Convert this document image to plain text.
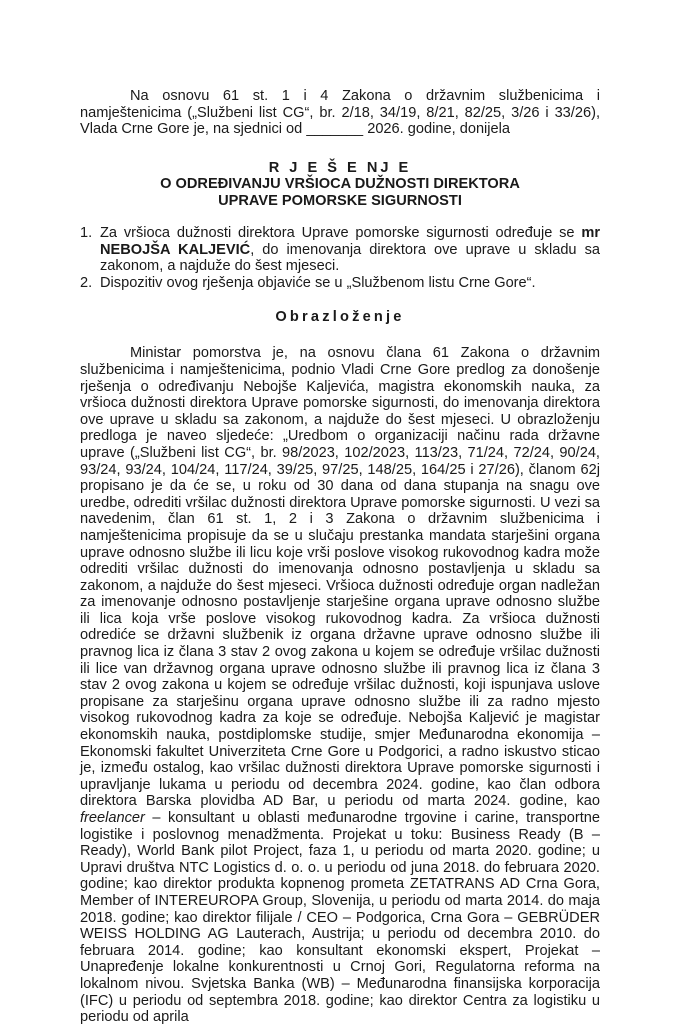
Na osnovu 61 st. 1 i 4 Zakona o državnim službenicima i namještenicima („Službeni list CG“, br. 2/18, 34/19, 8/21, 82/25, 3/26 i 33/26), Vlada Crne Gore je, na sjednici od _______ 2026. godine, donijela

R J E Š E NJ E

O ODREĐIVANJU VRŠIOCA DUŽNOSTI DIREKTORA

UPRAVE POMORSKE SIGURNOSTI

1. Za vršioca dužnosti direktora Uprave pomorske sigurnosti određuje se mr NEBOJŠA KALJEVIĆ, do imenovanja direktora ove uprave u skladu sa zakonom, a najduže do šest mjeseci.
2. Dispozitiv ovog rješenja objaviće se u „Službenom listu Crne Gore“.

Obrazloženje

Ministar pomorstva je, na osnovu člana 61 Zakona o državnim službenicima i namještenicima, podnio Vladi Crne Gore predlog za donošenje rješenja o određivanju Nebojše Kaljevića, magistra ekonomskih nauka, za vršioca dužnosti direktora Uprave pomorske sigurnosti, do imenovanja direktora ove uprave u skladu sa zakonom, a najduže do šest mjeseci. U obrazloženju predloga je naveo sljedeće: „Uredbom o organizaciji načinu rada državne uprave („Službeni list CG“, br. 98/2023, 102/2023, 113/23, 71/24, 72/24, 90/24, 93/24, 93/24, 104/24, 117/24, 39/25, 97/25, 148/25, 164/25 i 27/26), članom 62j propisano je da će se, u roku od 30 dana od dana stupanja na snagu ove uredbe, odrediti vršilac dužnosti direktora Uprave pomorske sigurnosti. U vezi sa navedenim, član 61 st. 1, 2 i 3 Zakona o državnim službenicima i namještenicima propisuje da se u slučaju prestanka mandata starješini organa uprave odnosno službe ili licu koje vrši poslove visokog rukovodnog kadra može odrediti vršilac dužnosti do imenovanja odnosno postavljenja u skladu sa zakonom, a najduže do šest mjeseci. Vršioca dužnosti određuje organ nadležan za imenovanje odnosno postavljenje starješine organa uprave odnosno službe ili lica koja vrše poslove visokog rukovodnog kadra. Za vršioca dužnosti odrediće se državni službenik iz organa državne uprave odnosno službe ili pravnog lica iz člana 3 stav 2 ovog zakona u kojem se određuje vršilac dužnosti ili lice van državnog organa uprave odnosno službe ili pravnog lica iz člana 3 stav 2 ovog zakona u kojem se određuje vršilac dužnosti, koji ispunjava uslove propisane za starješinu organa uprave odnosno službe ili za radno mjesto visokog rukovodnog kadra za koje se određuje. Nebojša Kaljević je magistar ekonomskih nauka, postdiplomske studije, smjer Međunarodna ekonomija – Ekonomski fakultet Univerziteta Crne Gore u Podgorici, a radno iskustvo sticao je, između ostalog, kao vršilac dužnosti direktora Uprave pomorske sigurnosti i upravljanje lukama u periodu od decembra 2024. godine, kao član odbora direktora Barska plovidba AD Bar, u periodu od marta 2024. godine, kao freelancer – konsultant u oblasti međunarodne trgovine i carine, transportne logistike i poslovnog menadžmenta. Projekat u toku: Business Ready (B – Ready), World Bank pilot Project, faza 1, u periodu od marta 2020. godine; u Upravi društva NTC Logistics d. o. o. u periodu od juna 2018. do februara 2020. godine; kao direktor produkta kopnenog prometa ZETATRANS AD Crna Gora, Member of INTEREUROPA Group, Slovenija, u periodu od marta 2014. do maja 2018. godine; kao direktor filijale / CEO – Podgorica, Crna Gora – GEBRÜDER WEISS HOLDING AG Lauterach, Austrija; u periodu od decembra 2010. do februara 2014. godine; kao konsultant ekonomski ekspert, Projekat – Unapređenje lokalne konkurentnosti u Crnoj Gori, Regulatorna reforma na lokalnom nivou. Svjetska Banka (WB) – Međunarodna finansijska korporacija (IFC) u periodu od septembra 2018. godine; kao direktor Centra za logistiku u periodu od aprila
